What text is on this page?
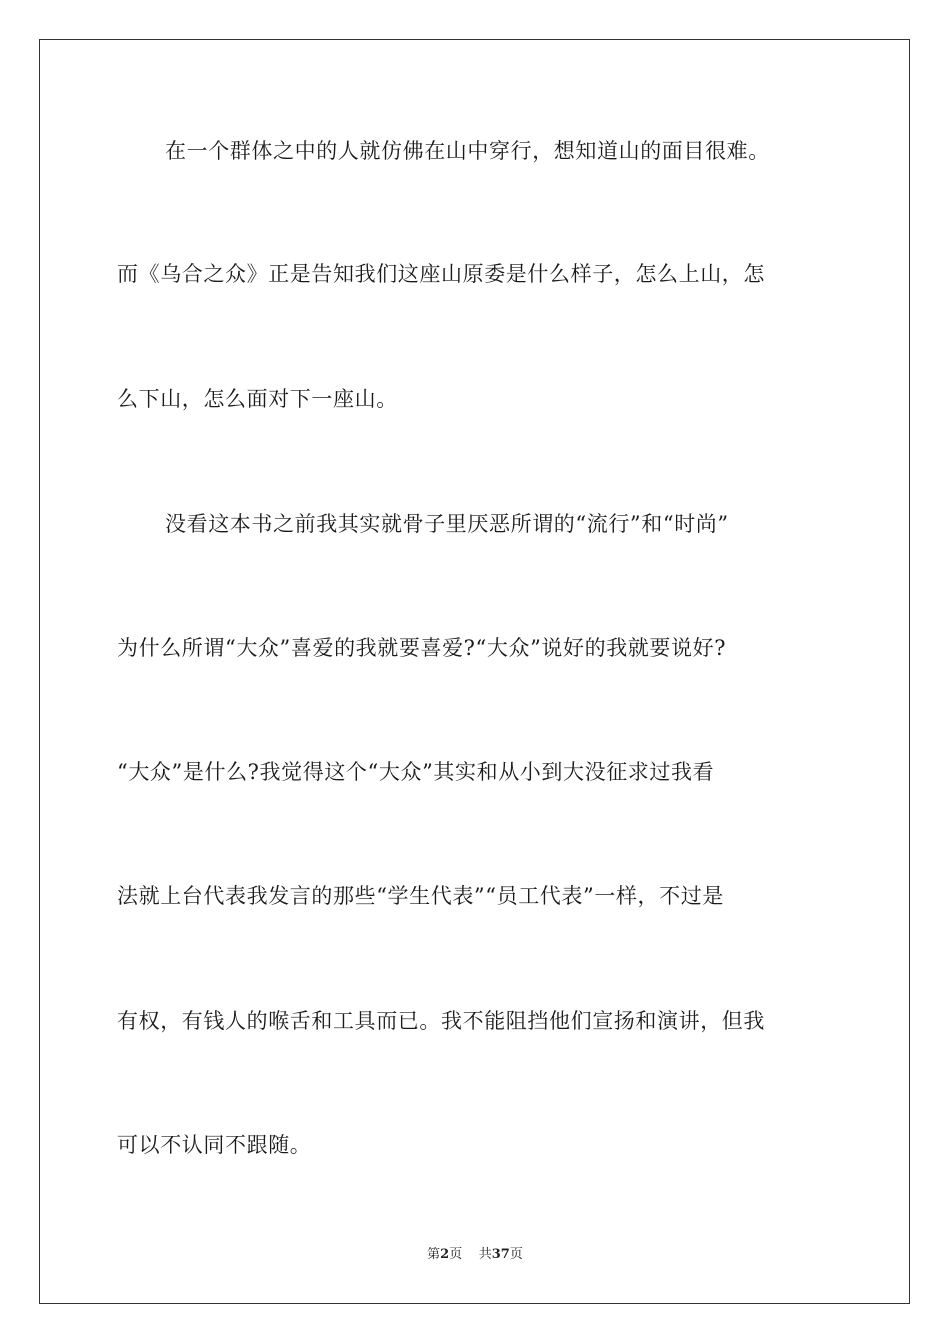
在一个群体之中的人就仿佛在山中穿行，想知道山的面目很难。
而《乌合之众》正是告知我们这座山原委是什么样子，怎么上山，怎
么下山，怎么面对下一座山。
没看这本书之前我其实就骨子里厌恶所谓的“流行”和“时尚”
为什么所谓“大众”喜爱的我就要喜爱?“大众”说好的我就要说好?
“大众”是什么?我觉得这个“大众”其实和从小到大没征求过我看
法就上台代表我发言的那些“学生代表”“员工代表”一样，不过是
有权，有钱人的喉舌和工具而已。我不能阻挡他们宣扬和演讲，但我
可以不认同不跟随。
第2页 共37页
